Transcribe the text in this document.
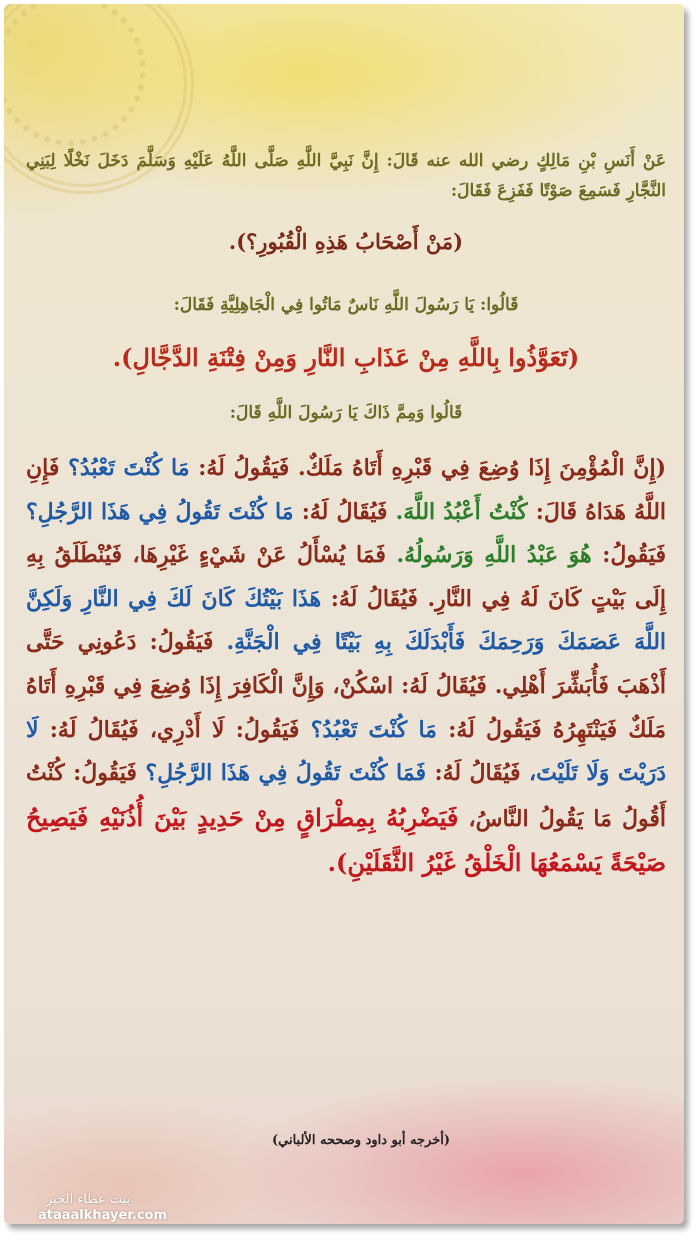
عَنْ أَنَسِ بْنِ مَالِكٍ رضي الله عنه قَالَ: إِنَّ نَبِيَّ اللَّهِ صَلَّى اللَّهُ عَلَيْهِ وَسَلَّمَ دَخَلَ نَخْلًا لِبَنِي النَّجَّارِ فَسَمِعَ صَوْتًا فَفَزِعَ فَقَالَ:

(مَنْ أَصْحَابُ هَذِهِ الْقُبُورِ؟).

قَالُوا: يَا رَسُولَ اللَّهِ نَاسٌ مَاتُوا فِي الْجَاهِلِيَّةِ فَقَالَ:

(تَعَوَّذُوا بِاللَّهِ مِنْ عَذَابِ النَّارِ وَمِنْ فِتْنَةِ الدَّجَّالِ).

قَالُوا وَمِمَّ ذَاكَ يَا رَسُولَ اللَّهِ قَالَ:

(إِنَّ الْمُؤْمِنَ إِذَا وُضِعَ فِي قَبْرِهِ أَتَاهُ مَلَكٌ. فَيَقُولُ لَهُ: مَا كُنْتَ تَعْبُدُ؟ فَإِنِ اللَّهُ هَدَاهُ قَالَ: كُنْتُ أَعْبُدُ اللَّهَ. فَيُقَالُ لَهُ: مَا كُنْتَ تَقُولُ فِي هَذَا الرَّجُلِ؟ فَيَقُولُ: هُوَ عَبْدُ اللَّهِ وَرَسُولُهُ. فَمَا يُسْأَلُ عَنْ شَيْءٍ غَيْرِهَا، فَيُنْطَلَقُ بِهِ إِلَى بَيْتٍ كَانَ لَهُ فِي النَّارِ. فَيُقَالُ لَهُ: هَذَا بَيْتُكَ كَانَ لَكَ فِي النَّارِ وَلَكِنَّ اللَّهَ عَصَمَكَ وَرَحِمَكَ فَأَبْدَلَكَ بِهِ بَيْتًا فِي الْجَنَّةِ. فَيَقُولُ: دَعُونِي حَتَّى أَذْهَبَ فَأُبَشِّرَ أَهْلِي. فَيُقَالُ لَهُ: اسْكُنْ، وَإِنَّ الْكَافِرَ إِذَا وُضِعَ فِي قَبْرِهِ أَتَاهُ مَلَكٌ فَيَنْتَهِرُهُ فَيَقُولُ لَهُ: مَا كُنْتَ تَعْبُدُ؟ فَيَقُولُ: لَا أَدْرِي، فَيُقَالُ لَهُ: لَا دَرَيْتَ وَلَا تَلَيْتَ، فَيُقَالُ لَهُ: فَمَا كُنْتَ تَقُولُ فِي هَذَا الرَّجُلِ؟ فَيَقُولُ: كُنْتُ أَقُولُ مَا يَقُولُ النَّاسُ، فَيَضْرِبُهُ بِمِطْرَاقٍ مِنْ حَدِيدٍ بَيْنَ أُذُنَيْهِ فَيَصِيحُ صَيْحَةً يَسْمَعُهَا الْخَلْقُ غَيْرُ الثَّقَلَيْنِ).

(أخرجه أبو داود وصححه الألباني)

بيت عطاء الخير
ataaalkhayer.com
